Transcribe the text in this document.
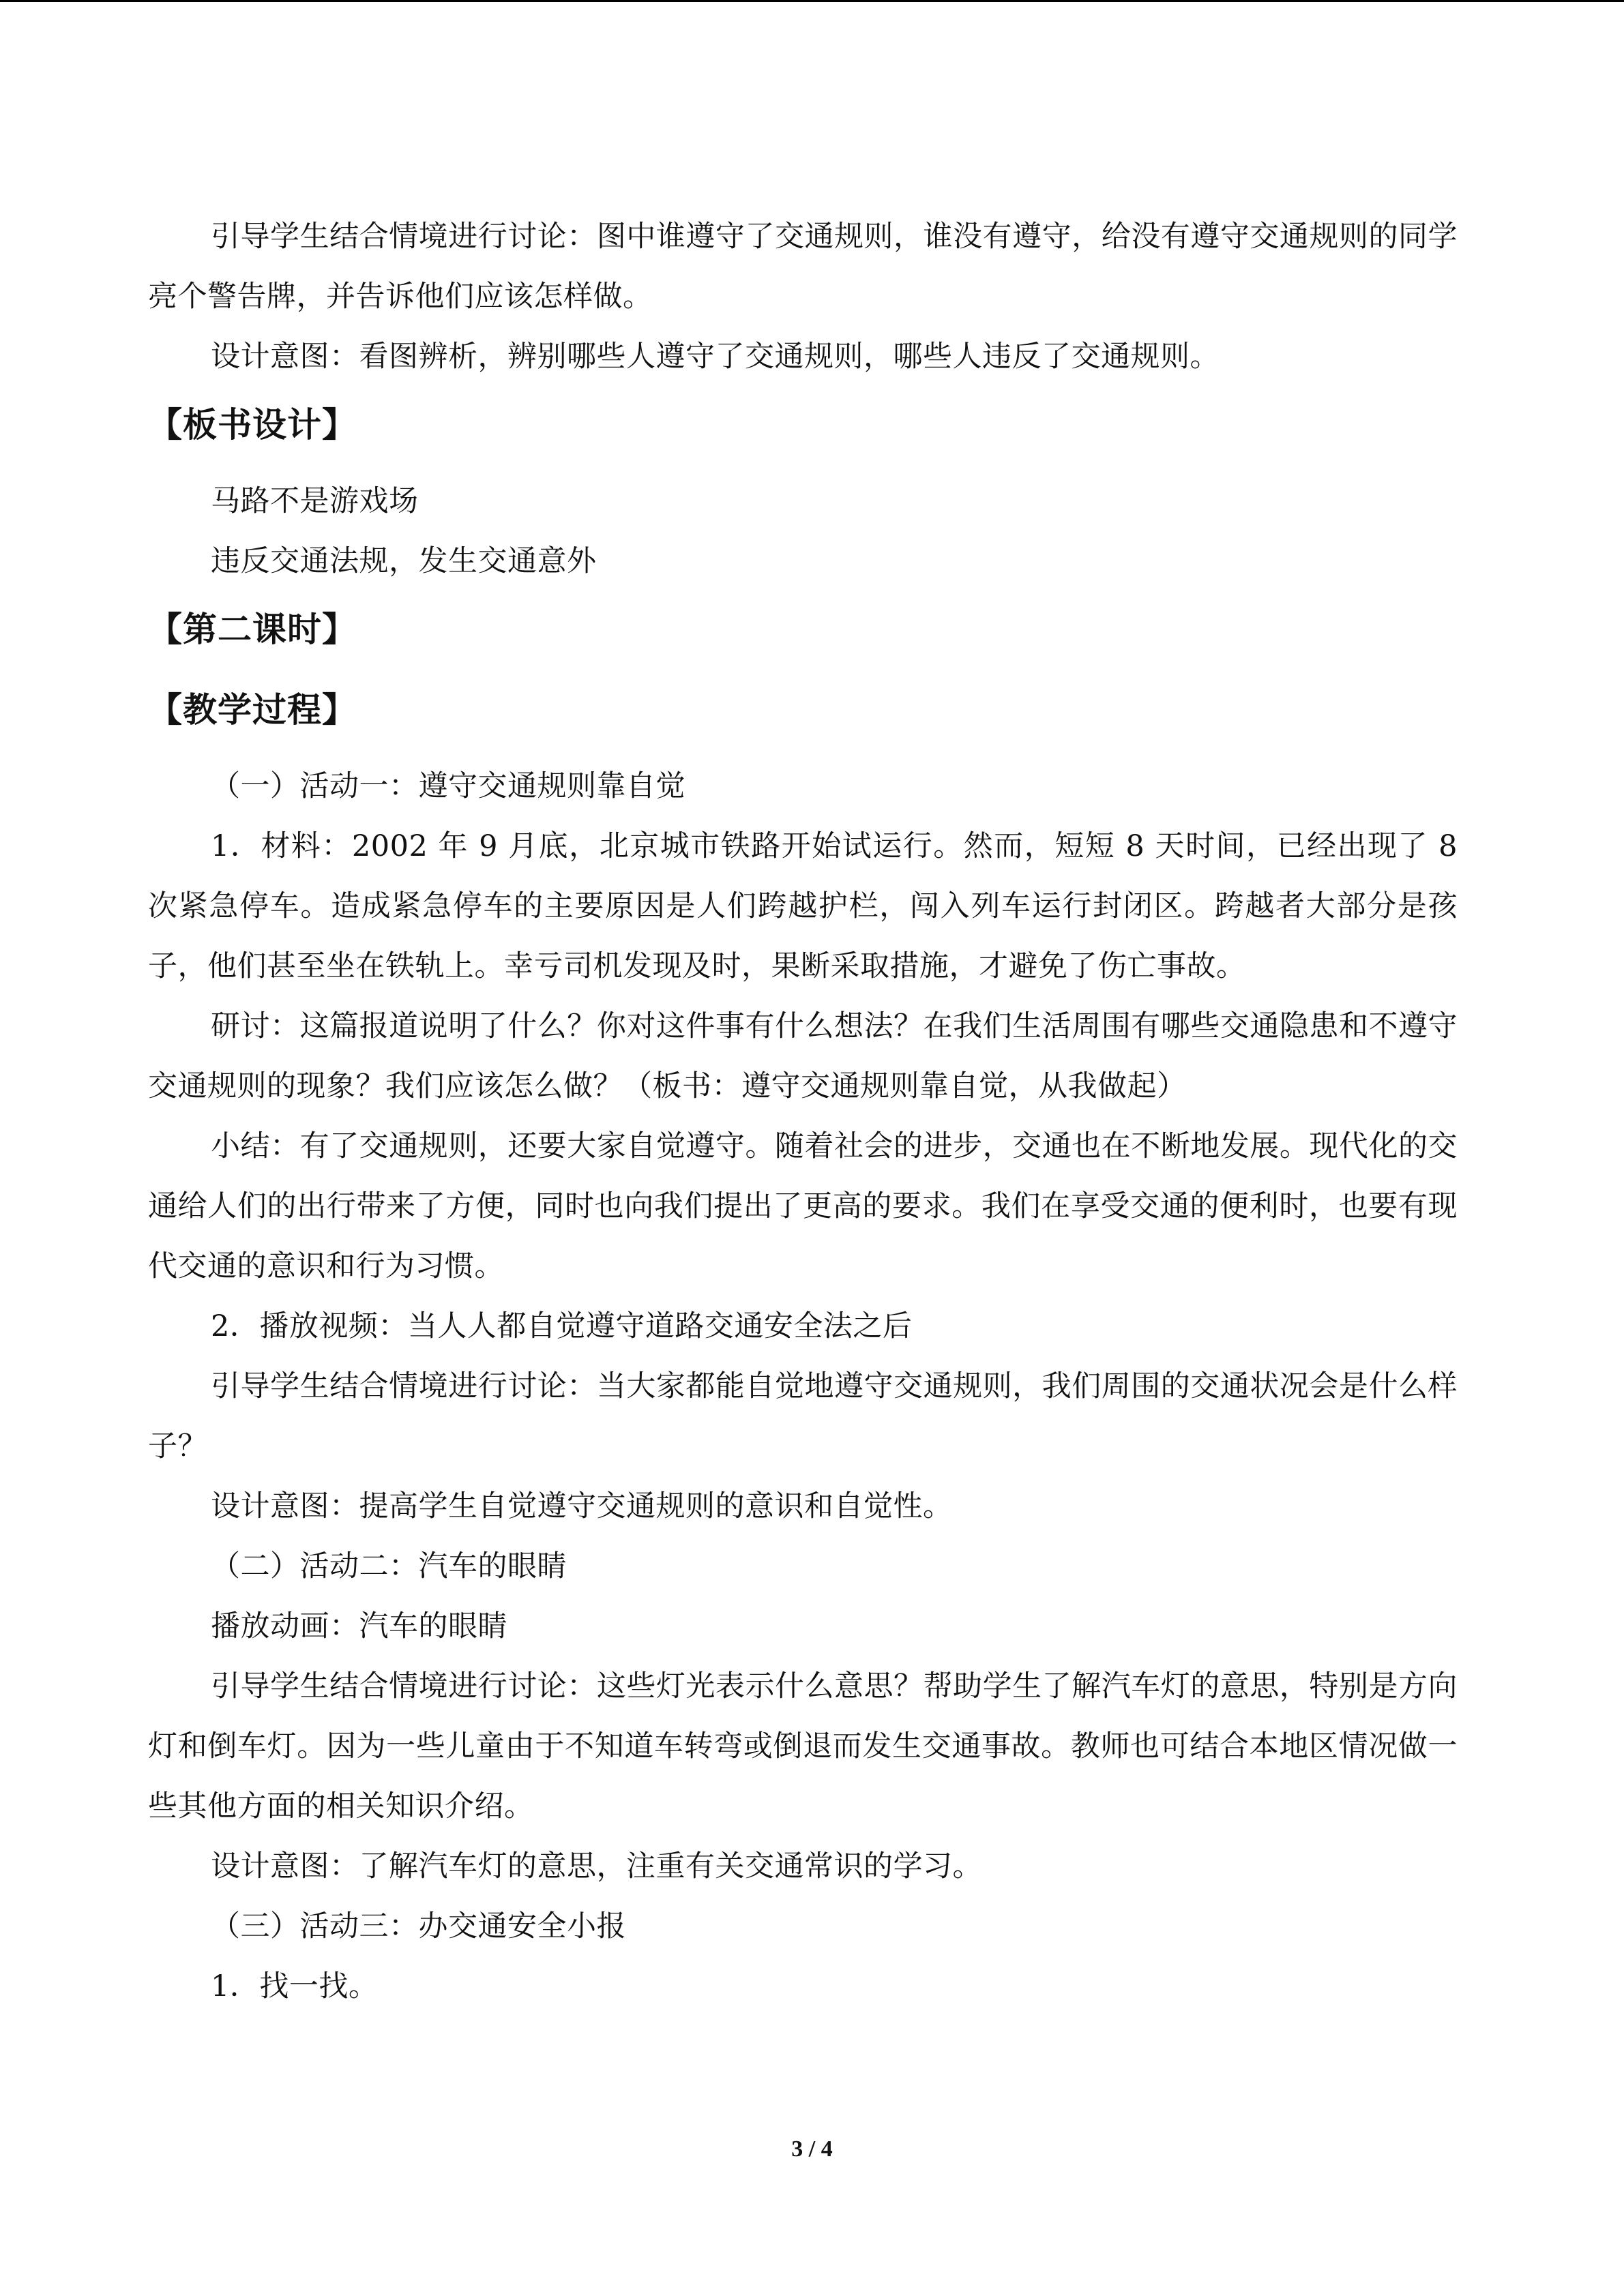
引导学生结合情境进行讨论：图中谁遵守了交通规则，谁没有遵守，给没有遵守交通规则的同学亮个警告牌，并告诉他们应该怎样做。

设计意图：看图辨析，辨别哪些人遵守了交通规则，哪些人违反了交通规则。

【板书设计】

马路不是游戏场

违反交通法规，发生交通意外

【第二课时】
【教学过程】

（一）活动一：遵守交通规则靠自觉

1．材料：2002 年 9 月底，北京城市铁路开始试运行。然而，短短 8 天时间，已经出现了 8 次紧急停车。造成紧急停车的主要原因是人们跨越护栏，闯入列车运行封闭区。跨越者大部分是孩子，他们甚至坐在铁轨上。幸亏司机发现及时，果断采取措施，才避免了伤亡事故。

研讨：这篇报道说明了什么？你对这件事有什么想法？在我们生活周围有哪些交通隐患和不遵守交通规则的现象？我们应该怎么做？（板书：遵守交通规则靠自觉，从我做起）

小结：有了交通规则，还要大家自觉遵守。随着社会的进步，交通也在不断地发展。现代化的交通给人们的出行带来了方便，同时也向我们提出了更高的要求。我们在享受交通的便利时，也要有现代交通的意识和行为习惯。

2．播放视频：当人人都自觉遵守道路交通安全法之后

引导学生结合情境进行讨论：当大家都能自觉地遵守交通规则，我们周围的交通状况会是什么样子？

设计意图：提高学生自觉遵守交通规则的意识和自觉性。

（二）活动二：汽车的眼睛

播放动画：汽车的眼睛

引导学生结合情境进行讨论：这些灯光表示什么意思？帮助学生了解汽车灯的意思，特别是方向灯和倒车灯。因为一些儿童由于不知道车转弯或倒退而发生交通事故。教师也可结合本地区情况做一些其他方面的相关知识介绍。

设计意图：了解汽车灯的意思，注重有关交通常识的学习。

（三）活动三：办交通安全小报

1．找一找。

3 / 4
